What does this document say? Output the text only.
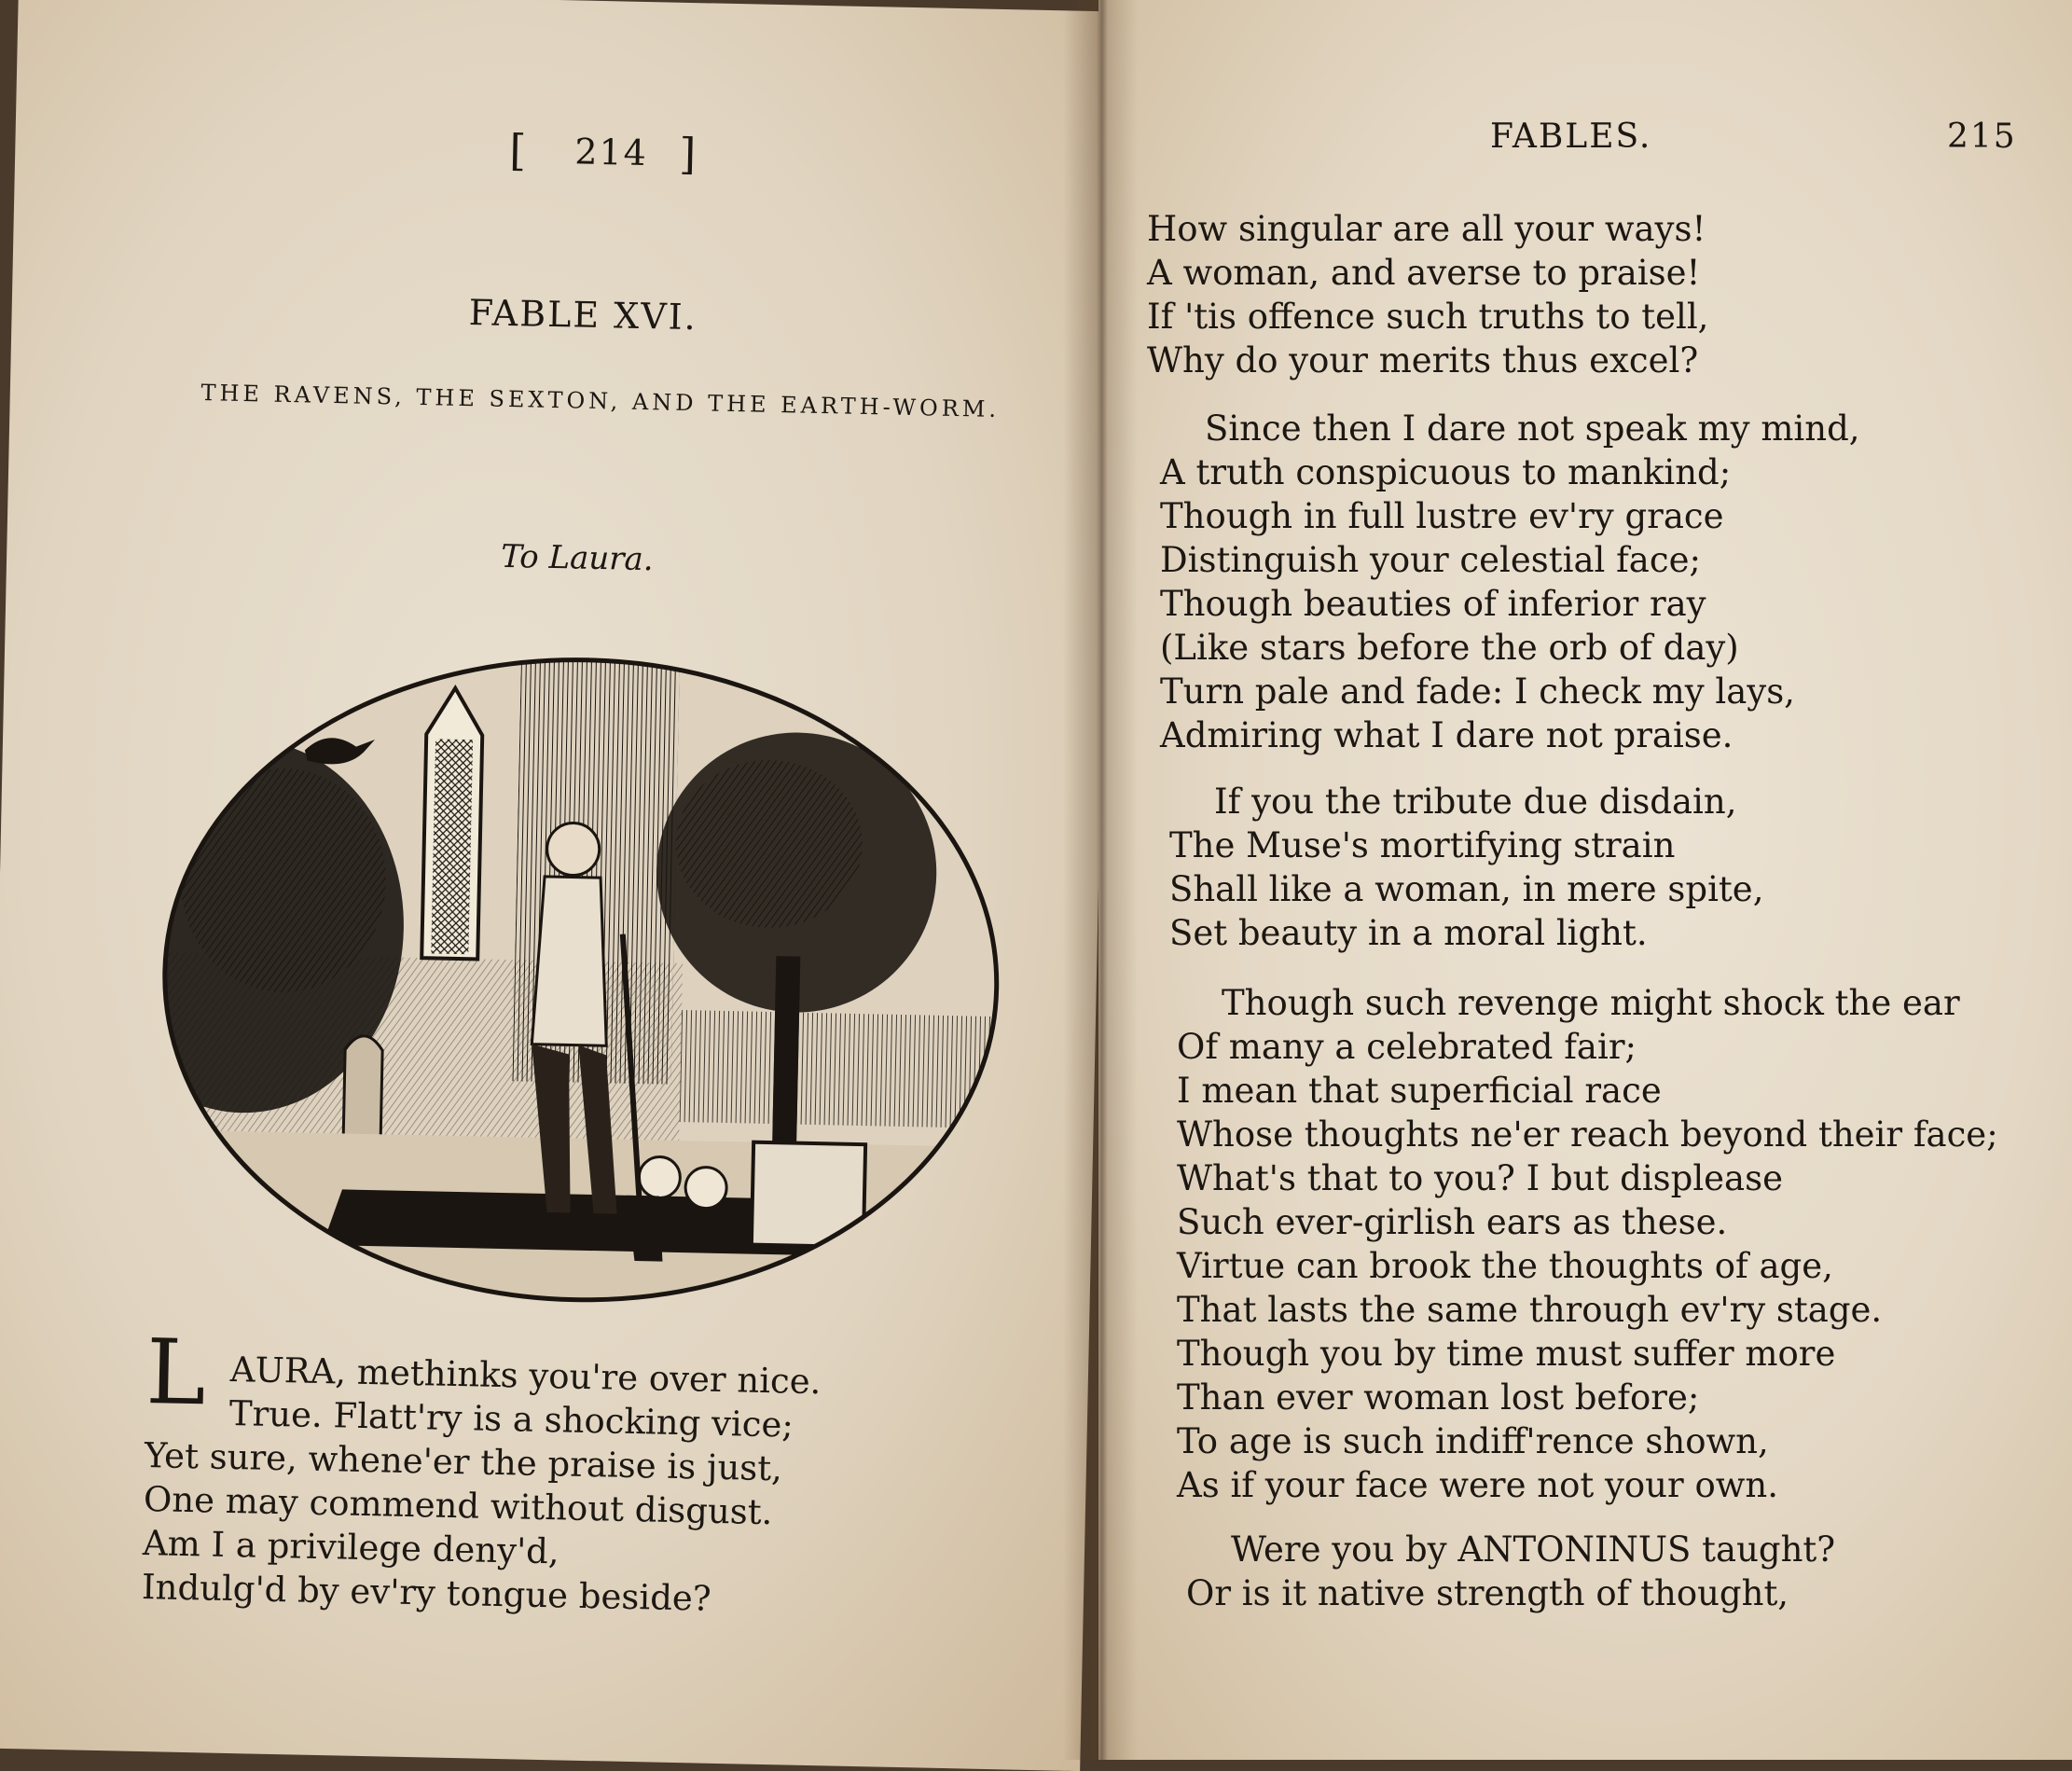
[ 214 ]
FABLE XVI.
THE RAVENS, THE SEXTON, AND THE EARTH-WORM.
To Laura.
L AURA, methinks you're over nice.
True. Flatt'ry is a shocking vice;
Yet sure, whene'er the praise is just,
One may commend without disgust.
Am I a privilege deny'd,
Indulg'd by ev'ry tongue beside?
FABLES.	215
How singular are all your ways!
A woman, and averse to praise!
If 'tis offence such truths to tell,
Why do your merits thus excel?
Since then I dare not speak my mind,
A truth conspicuous to mankind;
Though in full lustre ev'ry grace
Distinguish your celestial face;
Though beauties of inferior ray
(Like stars before the orb of day)
Turn pale and fade: I check my lays,
Admiring what I dare not praise.
If you the tribute due disdain,
The Muse's mortifying strain
Shall like a woman, in mere spite,
Set beauty in a moral light.
Though such revenge might shock the ear
Of many a celebrated fair;
I mean that superficial race
Whose thoughts ne'er reach beyond their face;
What's that to you? I but displease
Such ever-girlish ears as these.
Virtue can brook the thoughts of age,
That lasts the same through ev'ry stage.
Though you by time must suffer more
Than ever woman lost before;
To age is such indiff'rence shown,
As if your face were not your own.
Were you by ANTONINUS taught?
Or is it native strength of thought,
